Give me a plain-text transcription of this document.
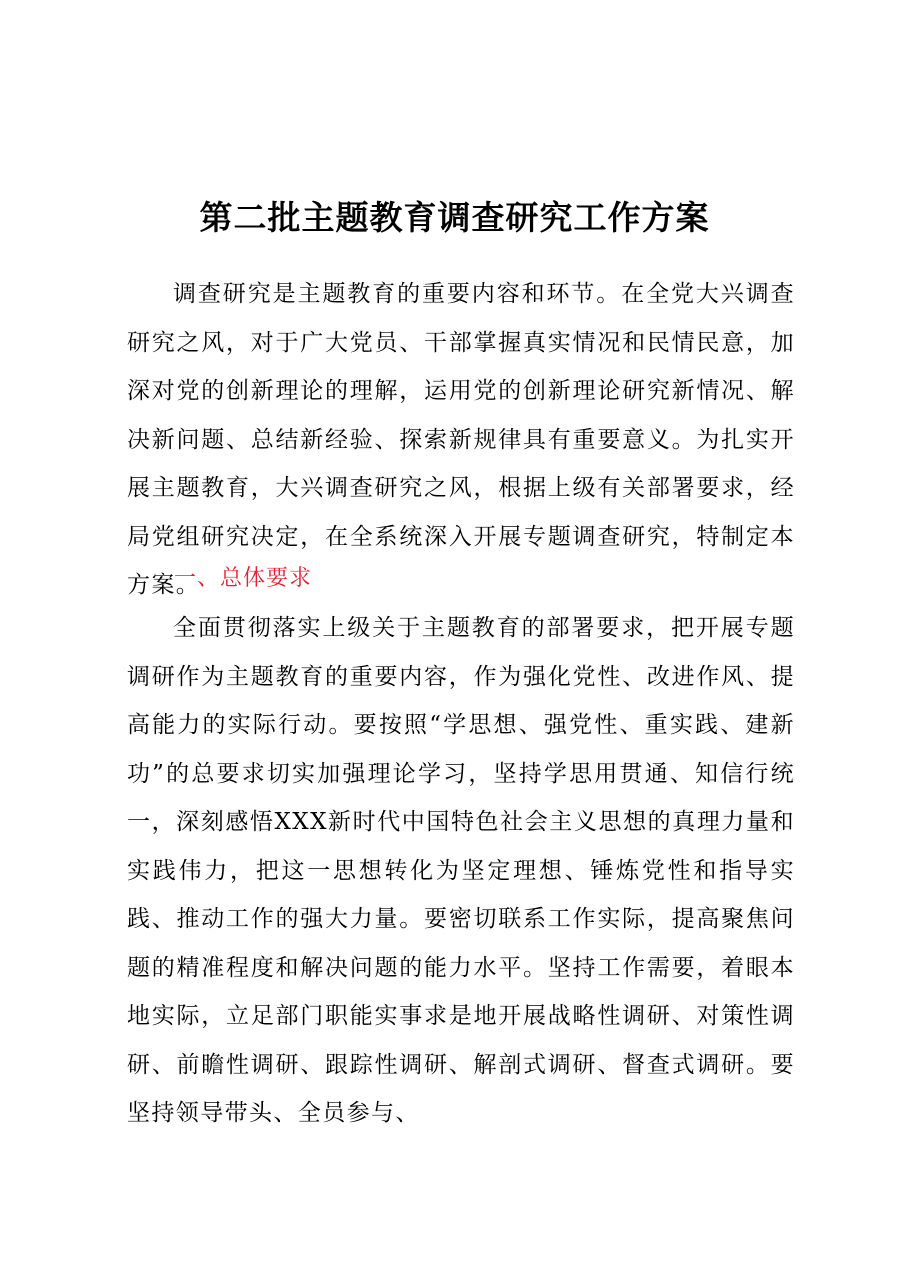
第二批主题教育调查研究工作方案

调查研究是主题教育的重要内容和环节。在全党大兴调查研究之风，对于广大党员、干部掌握真实情况和民情民意，加深对党的创新理论的理解，运用党的创新理论研究新情况、解决新问题、总结新经验、探索新规律具有重要意义。为扎实开展主题教育，大兴调查研究之风，根据上级有关部署要求，经局党组研究决定，在全系统深入开展专题调查研究，特制定本方案。

一、总体要求

全面贯彻落实上级关于主题教育的部署要求，把开展专题调研作为主题教育的重要内容，作为强化党性、改进作风、提高能力的实际行动。要按照“学思想、强党性、重实践、建新功”的总要求切实加强理论学习，坚持学思用贯通、知信行统一，深刻感悟XXX新时代中国特色社会主义思想的真理力量和实践伟力，把这一思想转化为坚定理想、锤炼党性和指导实践、推动工作的强大力量。要密切联系工作实际，提高聚焦问题的精准程度和解决问题的能力水平。坚持工作需要，着眼本地实际，立足部门职能实事求是地开展战略性调研、对策性调研、前瞻性调研、跟踪性调研、解剖式调研、督查式调研。要坚持领导带头、全员参与、
